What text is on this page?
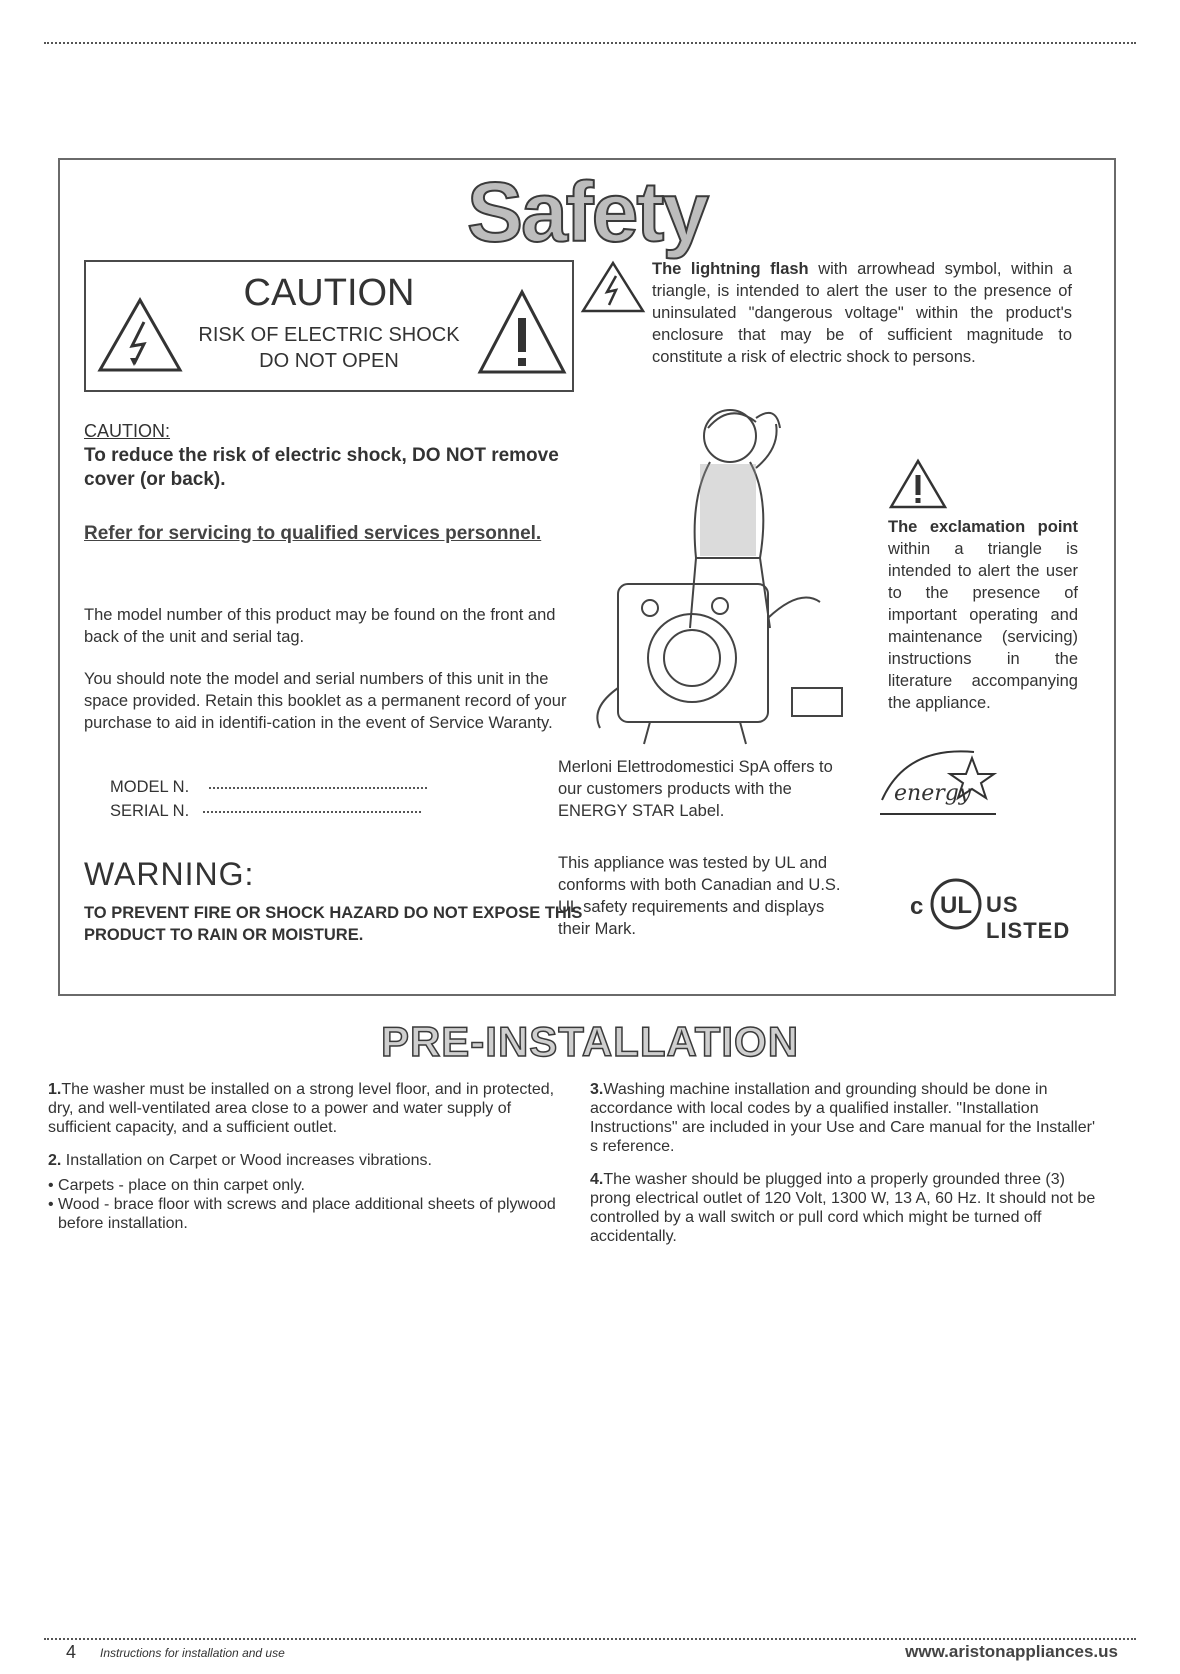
Safety
CAUTION
RISK OF ELECTRIC SHOCK
DO NOT OPEN
CAUTION:
To reduce the risk of electric shock, DO NOT remove cover (or back).
Refer for servicing to qualified services personnel.
The model number of this product may be found on the front and back of the unit and serial tag.
You should note the model and serial numbers of this unit in the space provided. Retain this booklet as a permanent record of your purchase to aid in identifi-cation in the event of Service Waranty.
MODEL N.
SERIAL N.
WARNING:
TO PREVENT FIRE OR SHOCK HAZARD DO NOT EXPOSE THIS PRODUCT TO RAIN OR MOISTURE.
The lightning flash with arrowhead symbol, within a triangle, is intended to alert the user to the presence of uninsulated "dangerous voltage" within the product's enclosure that may be of sufficient magnitude to constitute a risk of electric shock to persons.
The exclamation point within a triangle is intended to alert the user to the presence of important operating and maintenance (servicing) instructions in the literature accompanying the appliance.
Merloni Elettrodomestici SpA offers to our customers products with the ENERGY STAR Label.
energy
This appliance was tested by UL and conforms with both Canadian and U.S. UL safety requirements and displays their Mark.
c UL US LISTED
PRE-INSTALLATION
1.The washer must be installed on a strong level floor, and in protected, dry, and well-ventilated area close to a power and water supply of sufficient capacity, and a sufficient outlet.
2. Installation on Carpet or Wood increases vibrations.
• Carpets - place on thin carpet only.
• Wood - brace floor with screws and place additional sheets of plywood before installation.
3.Washing machine installation and grounding should be done in accordance with local codes by a qualified installer. "Installation Instructions" are included in your Use and Care manual for the Installer' s reference.
4.The washer should be plugged into a properly grounded three (3) prong electrical outlet of 120 Volt, 1300 W, 13 A, 60 Hz. It should not be controlled by a wall switch or pull cord which might be turned off accidentally.
4 Instructions for installation and use	www.aristonappliances.us
